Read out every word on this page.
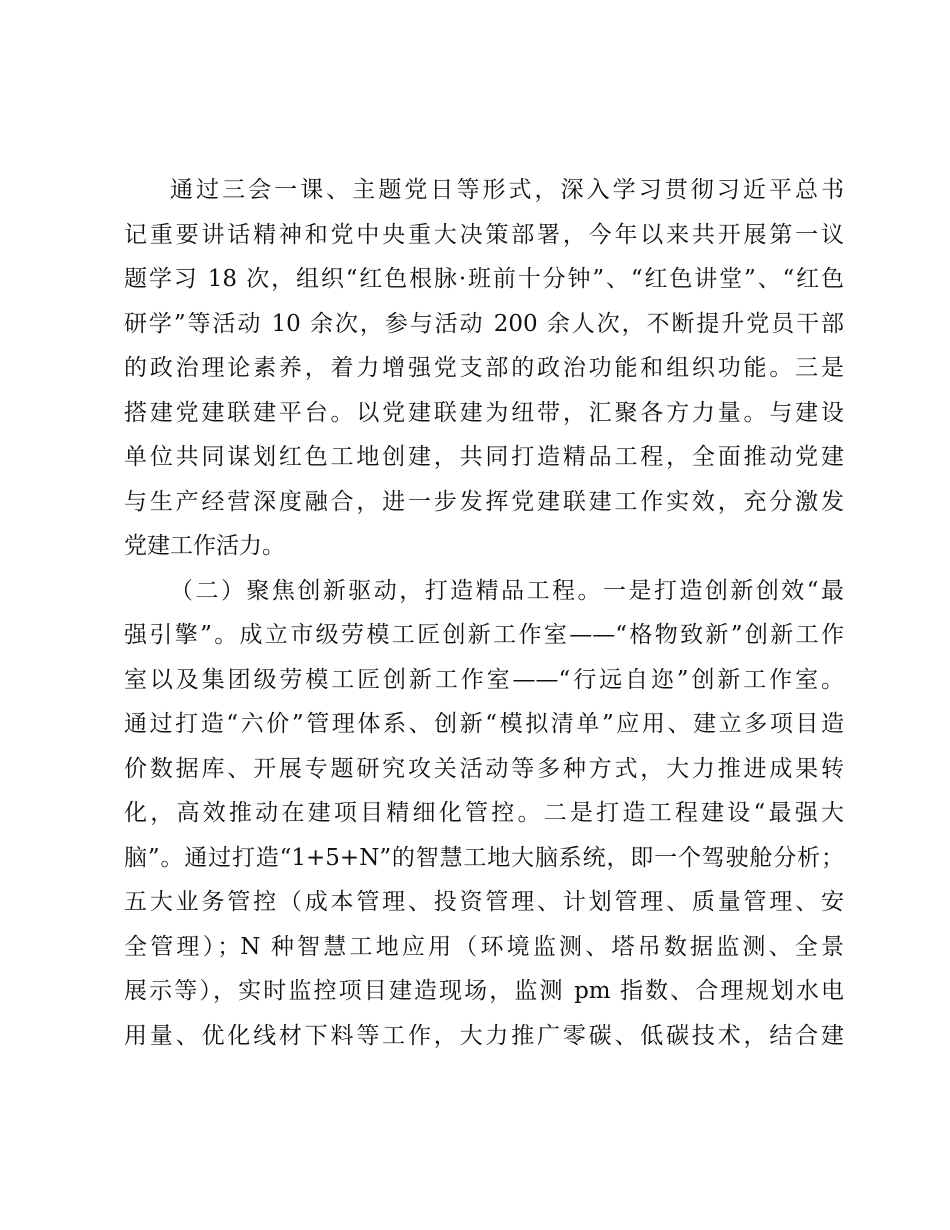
通过三会一课、主题党日等形式，深入学习贯彻习近平总书
记重要讲话精神和党中央重大决策部署，今年以来共开展第一议
题学习 18 次，组织“红色根脉·班前十分钟”、“红色讲堂”、“红色
研学”等活动 10 余次，参与活动 200 余人次，不断提升党员干部
的政治理论素养，着力增强党支部的政治功能和组织功能。三是
搭建党建联建平台。以党建联建为纽带，汇聚各方力量。与建设
单位共同谋划红色工地创建，共同打造精品工程，全面推动党建
与生产经营深度融合，进一步发挥党建联建工作实效，充分激发
党建工作活力。
（二）聚焦创新驱动，打造精品工程。一是打造创新创效“最
强引擎”。成立市级劳模工匠创新工作室——“格物致新”创新工作
室以及集团级劳模工匠创新工作室——“行远自迩”创新工作室。
通过打造“六价”管理体系、创新“模拟清单”应用、建立多项目造
价数据库、开展专题研究攻关活动等多种方式，大力推进成果转
化，高效推动在建项目精细化管控。二是打造工程建设“最强大
脑”。通过打造“1+5+N”的智慧工地大脑系统，即一个驾驶舱分析；
五大业务管控（成本管理、投资管理、计划管理、质量管理、安
全管理）；N 种智慧工地应用（环境监测、塔吊数据监测、全景
展示等），实时监控项目建造现场，监测 pm 指数、合理规划水电
用量、优化线材下料等工作，大力推广零碳、低碳技术，结合建
